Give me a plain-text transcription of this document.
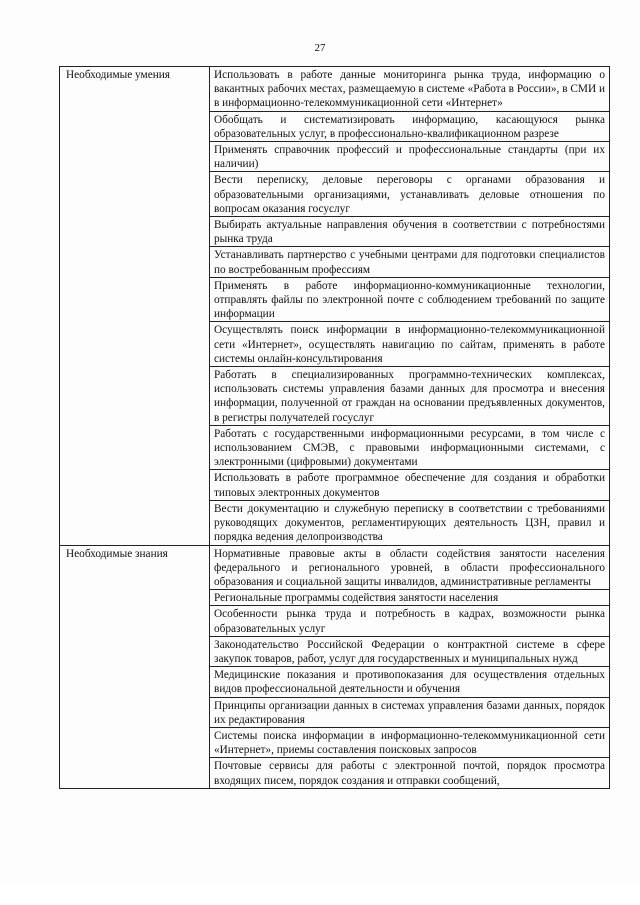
27
Необходимые умения	Использовать в работе данные мониторинга рынка труда, информацию о вакантных рабочих местах, размещаемую в системе «Работа в России», в СМИ и в информационно-телекоммуникационной сети «Интернет»
	Обобщать и систематизировать информацию, касающуюся рынка образовательных услуг, в профессионально-квалификационном разрезе
	Применять справочник профессий и профессиональные стандарты (при их наличии)
	Вести переписку, деловые переговоры с органами образования и образовательными организациями, устанавливать деловые отношения по вопросам оказания госуслуг
	Выбирать актуальные направления обучения в соответствии с потребностями рынка труда
	Устанавливать партнерство с учебными центрами для подготовки специалистов по востребованным профессиям
	Применять в работе информационно-коммуникационные технологии, отправлять файлы по электронной почте с соблюдением требований по защите информации
	Осуществлять поиск информации в информационно-телекоммуникационной сети «Интернет», осуществлять навигацию по сайтам, применять в работе системы онлайн-консультирования
	Работать в специализированных программно-технических комплексах, использовать системы управления базами данных для просмотра и внесения информации, полученной от граждан на основании предъявленных документов, в регистры получателей госуслуг
	Работать с государственными информационными ресурсами, в том числе с использованием СМЭВ, с правовыми информационными системами, с электронными (цифровыми) документами
	Использовать в работе программное обеспечение для создания и обработки типовых электронных документов
	Вести документацию и служебную переписку в соответствии с требованиями руководящих документов, регламентирующих деятельность ЦЗН, правил и порядка ведения делопроизводства
Необходимые знания	Нормативные правовые акты в области содействия занятости населения федерального и регионального уровней, в области профессионального образования и социальной защиты инвалидов, административные регламенты
	Региональные программы содействия занятости населения
	Особенности рынка труда и потребность в кадрах, возможности рынка образовательных услуг
	Законодательство Российской Федерации о контрактной системе в сфере закупок товаров, работ, услуг для государственных и муниципальных нужд
	Медицинские показания и противопоказания для осуществления отдельных видов профессиональной деятельности и обучения
	Принципы организации данных в системах управления базами данных, порядок их редактирования
	Системы поиска информации в информационно-телекоммуникационной сети «Интернет», приемы составления поисковых запросов
	Почтовые сервисы для работы с электронной почтой, порядок просмотра входящих писем, порядок создания и отправки сообщений,
